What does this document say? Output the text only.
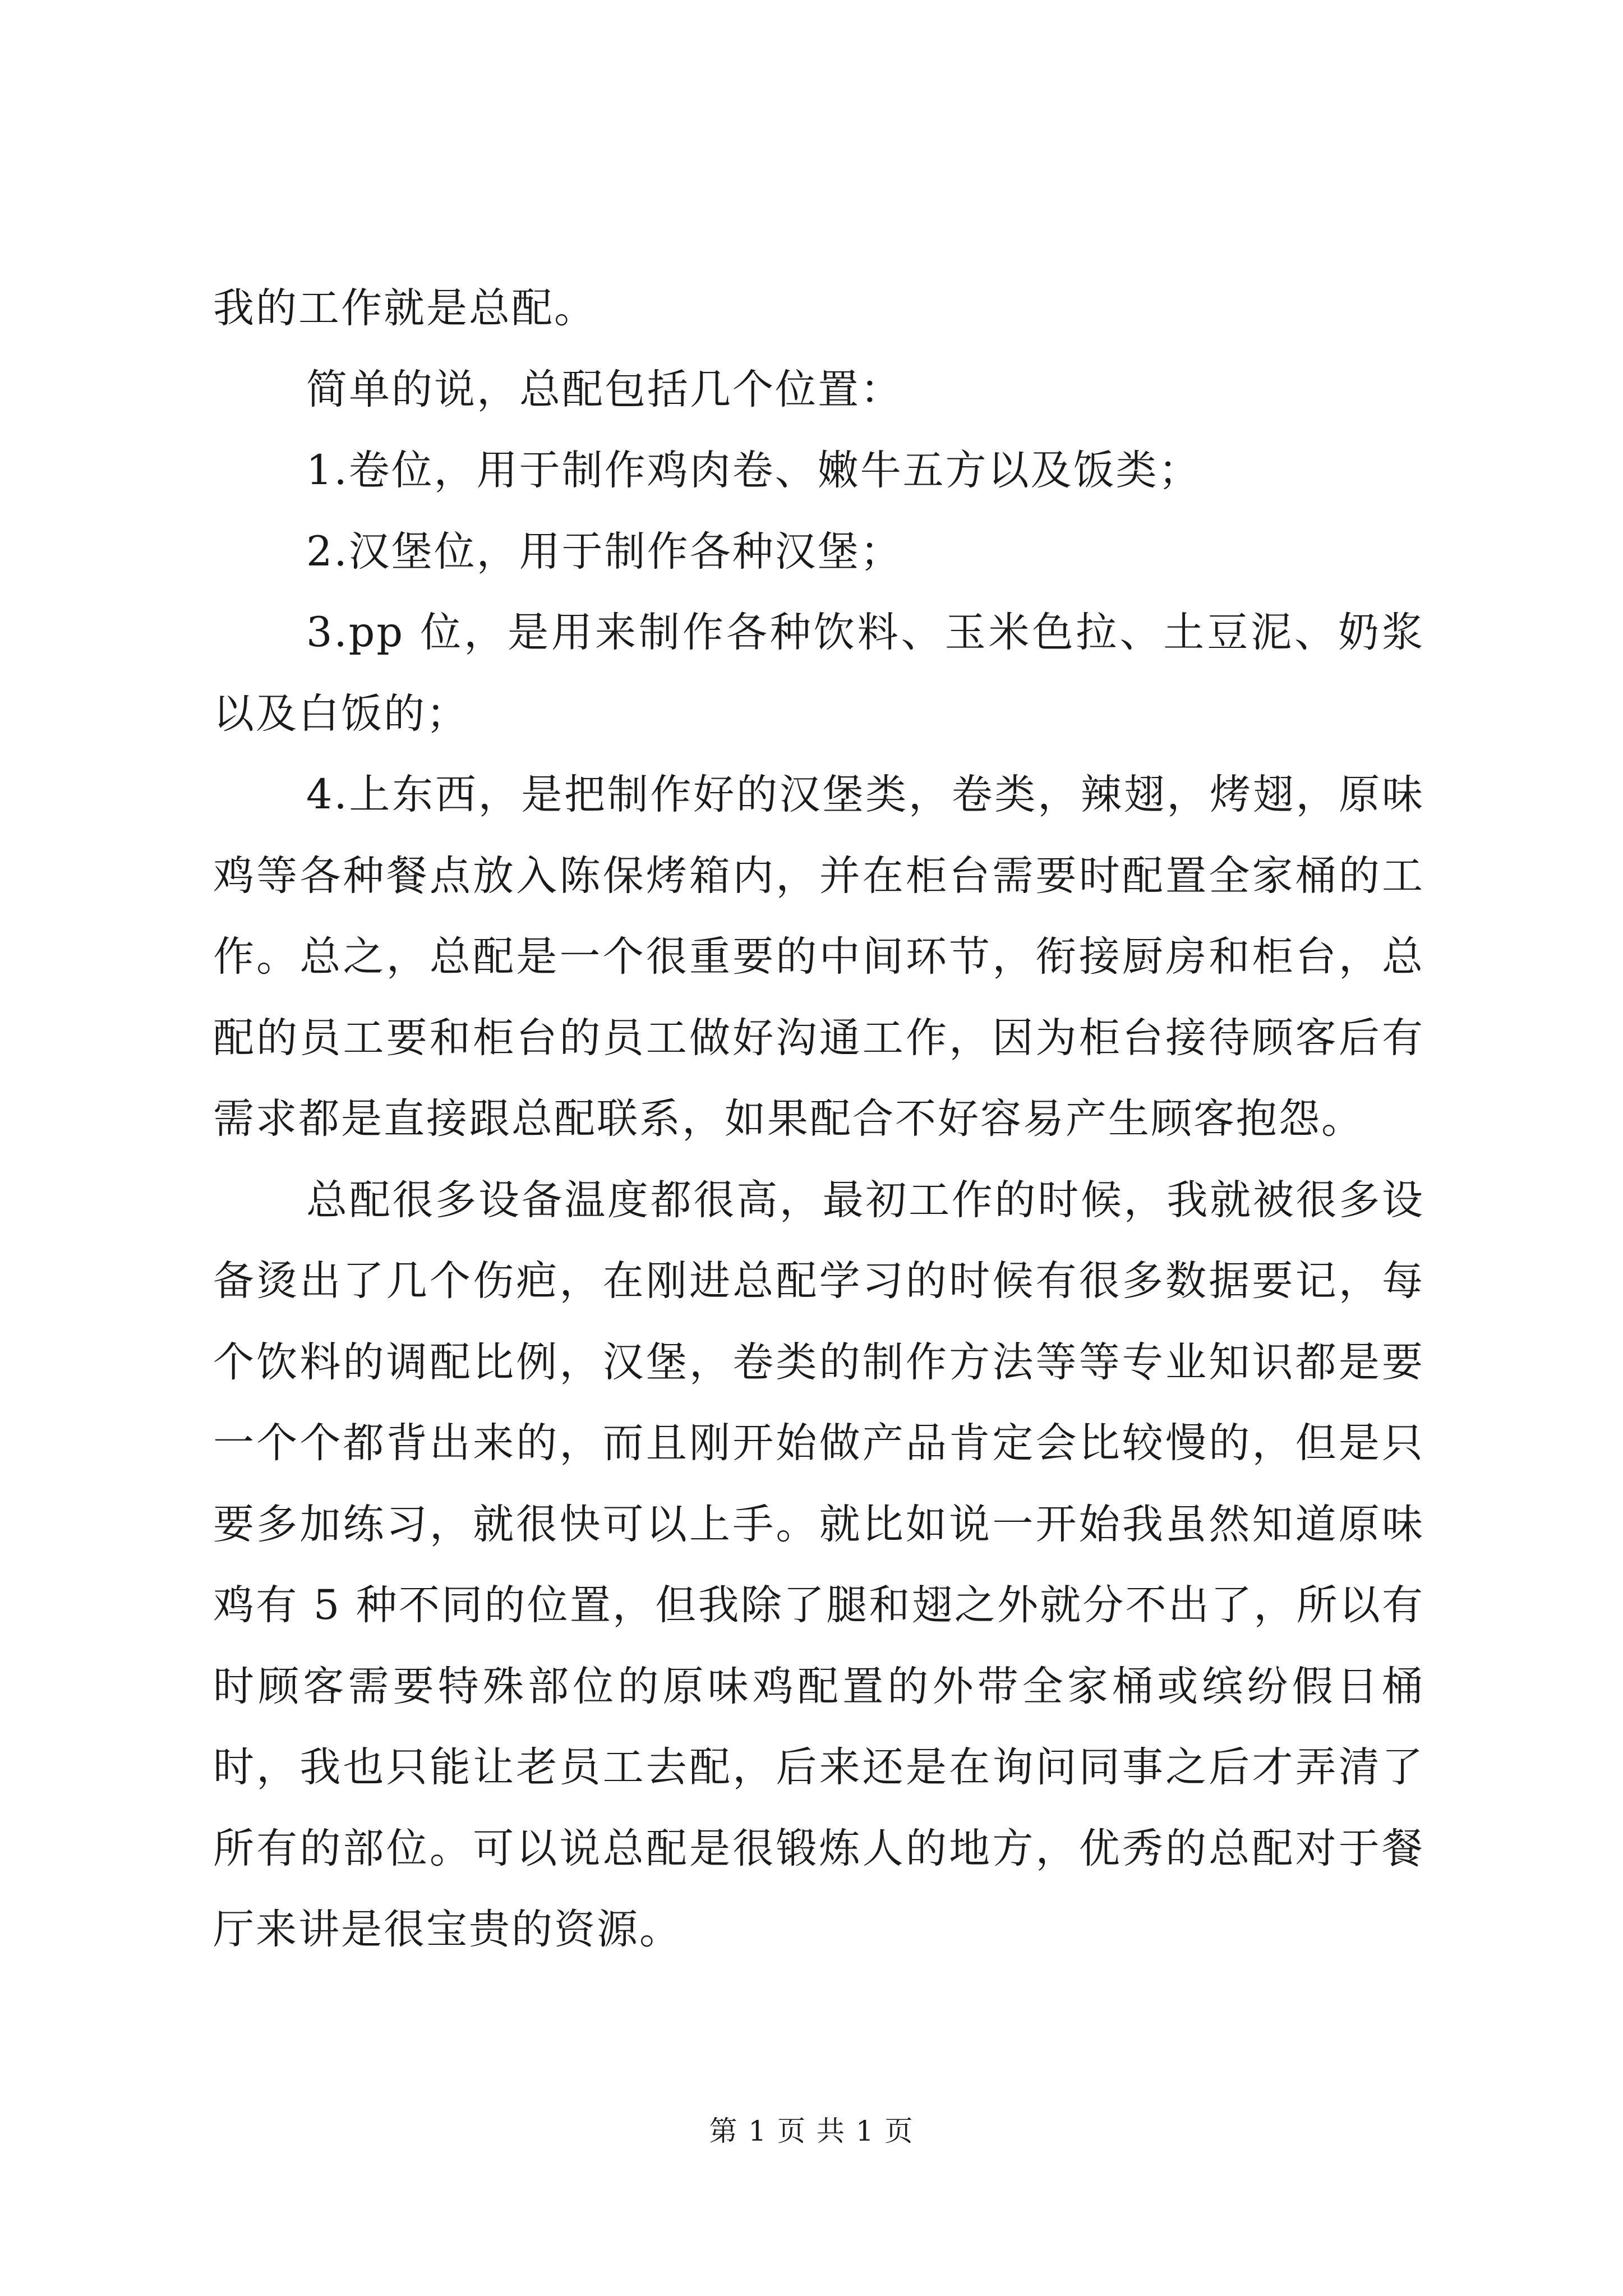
我的工作就是总配。

简单的说，总配包括几个位置：

1.卷位，用于制作鸡肉卷、嫩牛五方以及饭类；

2.汉堡位，用于制作各种汉堡；

3.pp 位，是用来制作各种饮料、玉米色拉、土豆泥、奶浆以及白饭的；

4.上东西，是把制作好的汉堡类，卷类，辣翅，烤翅，原味鸡等各种餐点放入陈保烤箱内，并在柜台需要时配置全家桶的工作。总之，总配是一个很重要的中间环节，衔接厨房和柜台，总配的员工要和柜台的员工做好沟通工作，因为柜台接待顾客后有需求都是直接跟总配联系，如果配合不好容易产生顾客抱怨。

总配很多设备温度都很高，最初工作的时候，我就被很多设备烫出了几个伤疤，在刚进总配学习的时候有很多数据要记，每个饮料的调配比例，汉堡，卷类的制作方法等等专业知识都是要一个个都背出来的，而且刚开始做产品肯定会比较慢的，但是只要多加练习，就很快可以上手。就比如说一开始我虽然知道原味鸡有 5 种不同的位置，但我除了腿和翅之外就分不出了，所以有时顾客需要特殊部位的原味鸡配置的外带全家桶或缤纷假日桶时，我也只能让老员工去配，后来还是在询问同事之后才弄清了所有的部位。可以说总配是很锻炼人的地方，优秀的总配对于餐厅来讲是很宝贵的资源。

第 1 页 共 1 页
